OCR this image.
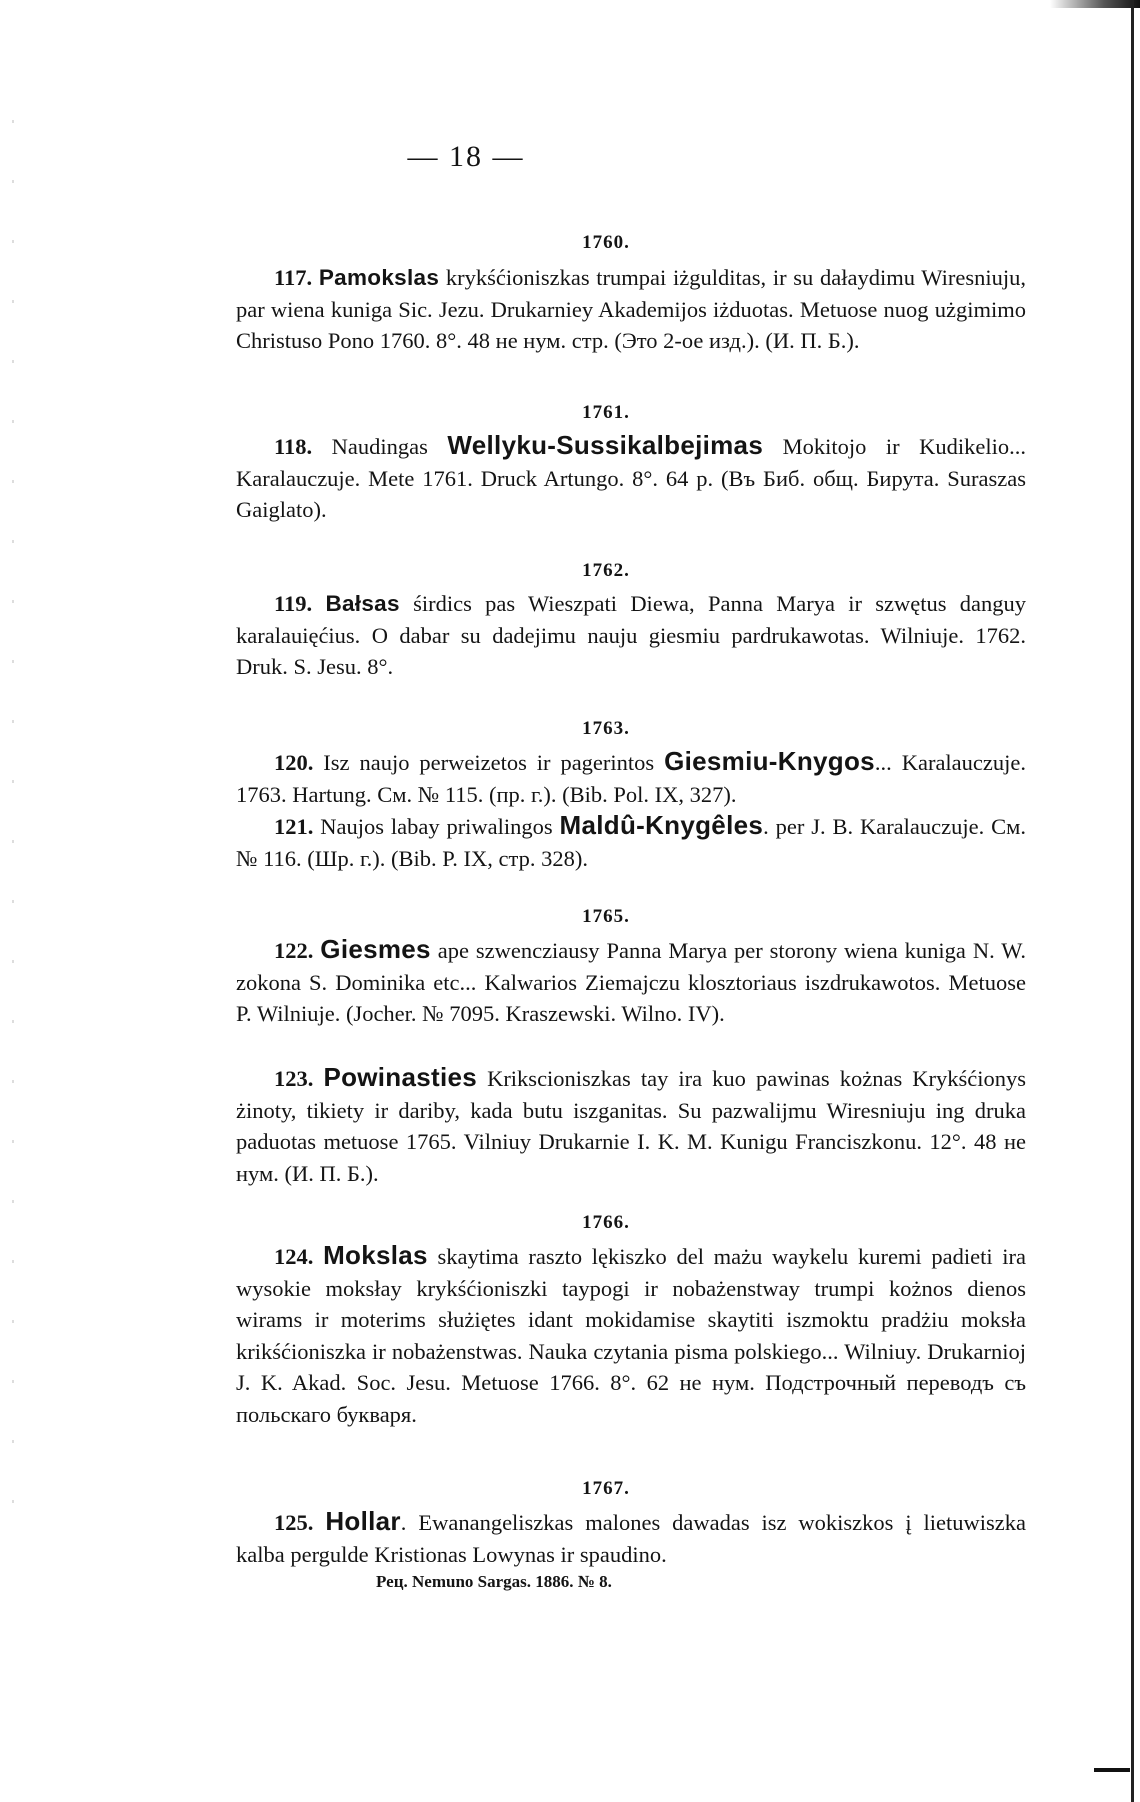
— 18 —
1760.
117. Pamokslas krykśćioniszkas trumpai iżgulditas, ir su dałaydimu Wiresniuju, par wiena kuniga Sic. Jezu. Drukarniey Akademijos iżduotas. Metuose nuog użgimimo Christuso Pono 1760. 8°. 48 не нум. стр. (Это 2-ое изд.). (И. П. Б.).
1761.
118. Naudingas Wellyku-Sussikalbejimas Mokitojo ir Kudikelio... Karalauczuje. Mete 1761. Druck Artungo. 8°. 64 p. (Въ Биб. общ. Бирута. Suraszas Gaiglato).
1762.
119. Bałsas śirdics pas Wieszpati Diewa, Panna Marya ir szwętus danguy karalauięćius. O dabar su dadejimu nauju giesmiu pardrukawotas. Wilniuje. 1762. Druk. S. Jesu. 8°.
1763.
120. Isz naujo perweizetos ir pagerintos Giesmiu-Knygos... Karalauczuje. 1763. Hartung. См. № 115. (пр. г.). (Bib. Pol. IX, 327).
121. Naujos labay priwalingos Maldû-Knygêles. per J. B. Karalauczuje. См. № 116. (Шр. г.). (Bib. P. IX, стр. 328).
1765.
122. Giesmes ape szwencziausy Panna Marya per storony wiena kuniga N. W. zokona S. Dominika etc... Kalwarios Ziemajczu klosztoriaus iszdrukawotos. Metuose P. Wilniuje. (Jocher. № 7095. Kraszewski. Wilno. IV).
123. Powinasties Krikscioniszkas tay ira kuo pawinas kożnas Krykśćionys żinoty, tikiety ir dariby, kada butu iszganitas. Su pazwalijmu Wiresniuju ing druka paduotas metuose 1765. Vilniuy Drukarnie I. K. M. Kunigu Franciszkonu. 12°. 48 не нум. (И. П. Б.).
1766.
124. Mokslas skaytima raszto lękiszko del mażu waykelu kuremi padieti ira wysokie moksłay krykśćioniszki taypogi ir nobażenstway trumpi kożnos dienos wirams ir moterims służiętes idant mokidamise skaytiti iszmoktu pradżiu moksła krikśćioniszka ir nobażenstwas. Nauka czytania pisma polskiego... Wilniuy. Drukarnioj J. K. Akad. Soc. Jesu. Metuose 1766. 8°. 62 не нум. Подстрочный переводъ съ польскаго букваря.
1767.
125. Hollar. Ewanangeliszkas malones dawadas isz wokiszkos į lietuwiszka kalba pergulde Kristionas Lowynas ir spaudino.
Рец. Nemuno Sargas. 1886. № 8.
